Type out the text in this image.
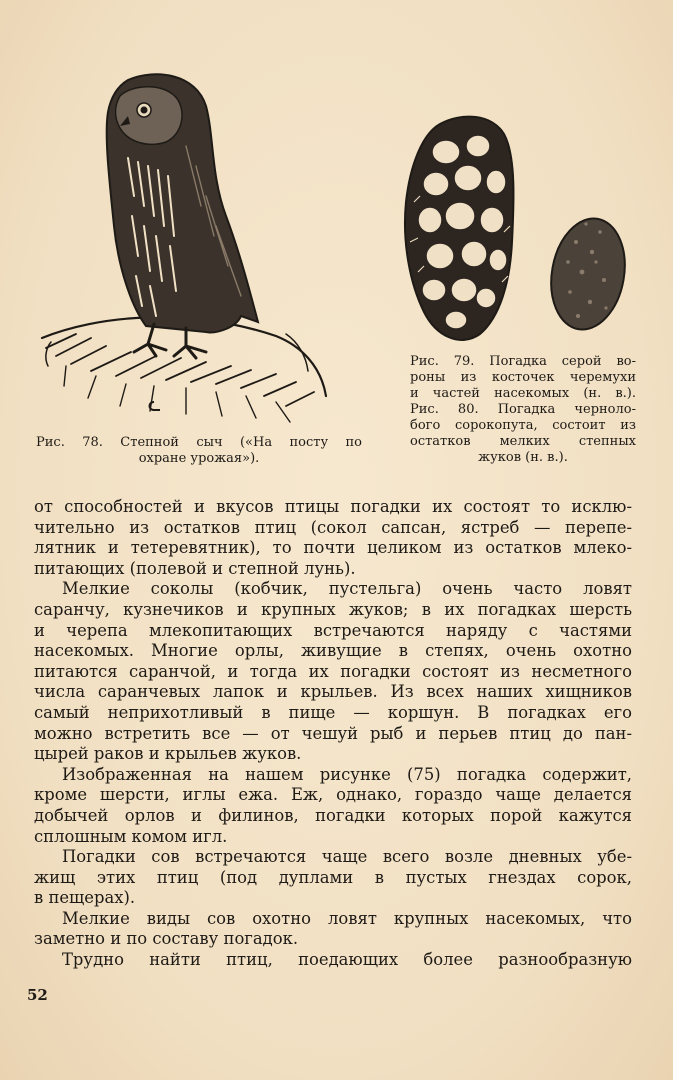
Рис. 78. Степной сыч («На посту по
охране урожая»).
Рис. 79. Погадка серой во-
роны из косточек черемухи
и частей насекомых (н. в.).
Рис. 80. Погадка черноло-
бого сорокопута, состоит из
остатков мелких степных
жуков (н. в.).
от способностей и вкусов птицы погадки их состоят то исклю-
чительно из остатков птиц (сокол сапсан, ястреб — перепе-
лятник и тетеревятник), то почти целиком из остатков млеко-
питающих (полевой и степной лунь).
Мелкие соколы (кобчик, пустельга) очень часто ловят
саранчу, кузнечиков и крупных жуков; в их погадках шерсть
и черепа млекопитающих встречаются наряду с частями
насекомых. Многие орлы, живущие в степях, очень охотно
питаются саранчой, и тогда их погадки состоят из несметного
числа саранчевых лапок и крыльев. Из всех наших хищников
самый неприхотливый в пище — коршун. В погадках его
можно встретить все — от чешуй рыб и перьев птиц до пан-
цырей раков и крыльев жуков.
Изображенная на нашем рисунке (75) погадка содержит,
кроме шерсти, иглы ежа. Еж, однако, гораздо чаще делается
добычей орлов и филинов, погадки которых порой кажутся
сплошным комом игл.
Погадки сов встречаются чаще всего возле дневных убе-
жищ этих птиц (под дуплами в пустых гнездах сорок,
в пещерах).
Мелкие виды сов охотно ловят крупных насекомых, что
заметно и по составу погадок.
Трудно найти птиц, поедающих более разнообразную
52
